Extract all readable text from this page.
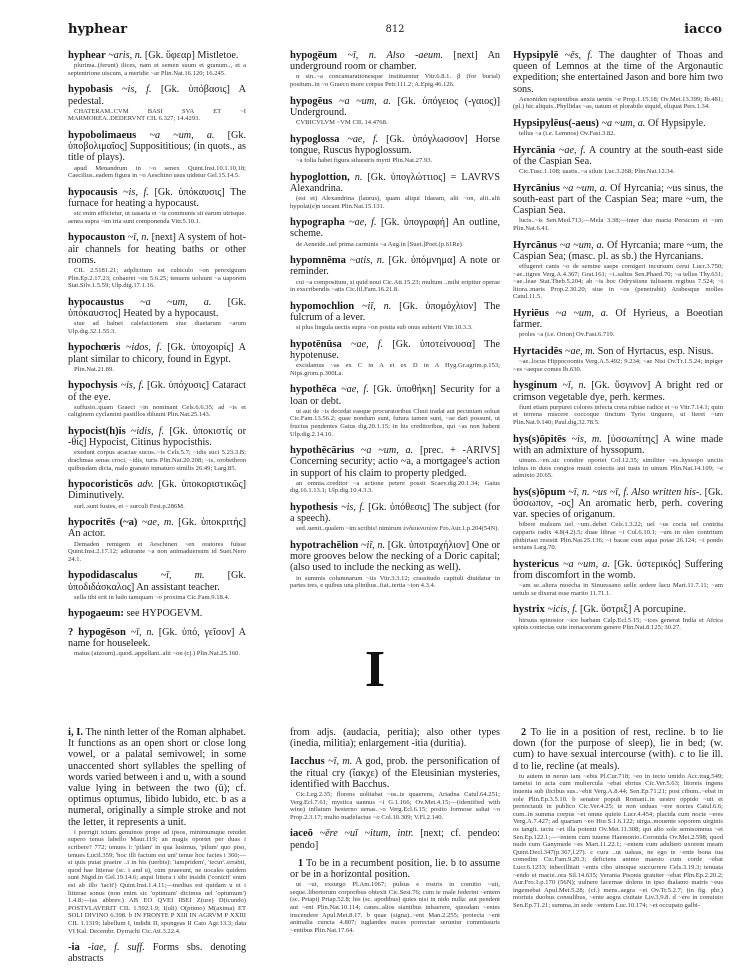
hyphear	812	iacco
hyphear ~aris, n. [Gk. ὕφεαρ] Mistletoe.
plurima..(ferunt) ilices, nam et semen suum et granum.., et a septentrione uiscum, a meridie ~ar Plin.Nat.16.120; 16.245.
hypobasis ~is, f. [Gk. ὑπόβασις] A pedestal.
CHATERAM..CVM BASI SVA ET ~I MARMOREA..DEDERVNT CIL 6.327; 14.4293.
hypobolimaeus ~a ~um, a. [Gk. ὑποβολιμαῖος] Supposititious; (in quots., as title of plays).
apud Menandrum in ~o senex Quint.Inst.10.1.10,18; Caecilius..eadem figura in ~o Aeschino usus uidetur Gel.15.14.5.
hypocausis ~is, f. [Gk. ὑπόκαυσις] The furnace for heating a hypocaust.
sic enim efficietur, ut uasaria et ~is communis sit earum utrisque. aenea supra ~im tria sunt componenda Vitr.5.10.1.
hypocauston ~ī, n. [next] A system of hot-air channels for heating baths or other rooms.
CIL 2.5181.21; adplicitum est cubiculo ~on perexiguum Plin.Ep.2.17.23; cohaeret ~on 5.6.25; tenuem uoluunt ~a uaporem Stat.Silv.1.5.59; Ulp.dig.17.1.16.
hypocaustus ~a ~um, a. [Gk. ὑπόκαυστος] Heated by a hypocaust.
siue ad balnei calefactionem siue diaetarum ~arum Ulp.dig.32.1.55.3.
hypochœris ~idos, f. [Gk. ὑποχοιρίς] A plant similar to chicory, found in Egypt.
Plin.Nat.21.89.
hypochysis ~is, f. [Gk. ὑπόχυσις] Cataract of the eye.
suffusio..quam Graeci ~in nominant Cels.6.6.35; ad ~is et caliginem cyclamini pastillos diluunt Plin.Nat.25.143.
hypocist(h)is ~idis, f. [Gk. ὑποκιστίς or -θίς] Hypocist, Citinus hypocisthis.
exedunt corpus acaciae sucus..~is Cels.5.7; ~idis suci 5.23.3.B; drachmas senas croci, ~idis, turis Plin.Nat.20.208; ~is, orobethron quibusdam dicta, malo granato inmaturo similis 26.49; Larg.85.
hypocoristicōs adv. [Gk. ὑποκοριστικῶς] Diminutively.
surl..sunt fustes, et ~ surculi Fest.p.286M.
hypocritēs (~a) ~ae, m. [Gk. ὑποκριτής] An actor.
Demaden remigem et Aeschinen ~en oratores fuisse Quint.Inst.2.17.12; adiurante ~a non animaduersum id Suet.Nero 24.1.
hypodidascalus ~ī, m. [Gk. ὑποδιδάσκαλος] An assistant teacher.
sella tibi erit in ludo tamquam ~o proxima Cic.Fam.9.18.4.
hypogaeum: see HYPOGEVM.
? hypogēson ~ī, n. [Gk. ὑπό, γεῖσον] A name for houseleek.
maius (aizoum)..quod..appellant..alii ~on (cj.) Plin.Nat.25.160.
hypogēum ~ī, n. Also -aeum. [next] An underground room or chamber.
α sin..~a concamarationesque instituentur Vitr.6.8.1. β (for burial) positum..in ~o Graeco more corpus Petr.111.2; A.Epig.46.126.
hypogēus ~a ~um, a. [Gk. ὑπόγειος (-γαιος)] Underground.
CVBICVLVM ~VM CIL 14.4768.
hypoglossa ~ae, f. [Gk. ὑπόγλωσσον] Horse tongue, Ruscus hypoglossum.
~a folia habet figura siluestris myrti Plin.Nat.27.93.
hypoglottion, n. [Gk. ὑπογλώττιος] = LAVRVS Alexandrina.
(est et) Alexandrina (laurus), quam aliqui Idaeam, alii ~on, alii..alii hypolat(e)n uocant Plin.Nat.15.131.
hypographa ~ae, f. [Gk. ὑπογραφή] An outline, scheme.
de Aeneide..uel prima carminis ~a Aug.in [Suet.]Poet.(p.61Re).
hypomnēma ~atis, n. [Gk. ὑπόμνημα] A note or reminder.
cui ~a compositum, si quid noui Cic.Att.15.23; multum ..mihi eripitur operae in exscribendis ~atis Cic.fil.Fam.16.21.8.
hypomochlion ~iī, n. [Gk. ὑπομόχλιον] The fulcrum of a lever.
si plus lingula uectis supra ~on posita sub onus subierit Vitr.10.3.3.
hypotēnūsa ~ae, f. [Gk. ὑποτείνουσα] The hypotenuse.
excidamus ~as ex C in A et ex D in A Hyg.Gr.agrim.p.153; Nips.grom.p.300La.
hypothēca ~ae, f. [Gk. ὑποθήκη] Security for a loan or debt.
ut aut de ~is decedat easque procuratoribus Cluui tradat aut pecuniam soluat Cic.Fam.13.56.2; quae nondum sunt, futura tamen sunt, ~ae dari possunt, ut fructus pendentes Gaius dig.20.1.15; in his creditoribus, qui ~as non habent Ulp.dig.2.14.10.
hypothēcārius ~a ~um, a. [prec. + -ARIVS] Concerning security; actio ~a, a mortgagee's action in support of his claim to property pledged.
an omnia..creditor ~a actione petere possit Scaev.dig.20.1.34; Gaius dig.16.1.13.1; Ulp.dig.10.4.3.3.
hypothesis ~is, f. [Gk. ὑπόθεσις] The subject (for a speech).
sed..uenit..qualem ~im scribis! nimirum ἐνδεικνυτέον Fro.Aur.1.p.204(54N).
hypotrachēlion ~iī, n. [Gk. ὑποτραχήλιον] One or more grooves below the necking of a Doric capital; (also used to include the necking as well).
in summis columnarum ~iis Vitr.3.3.12; crassitudo capituli diuidatur in partes tres, e quibus una plinthus..fiat..tertia ~ion 4.3.4.
Hypsipylē ~ēs, f. The daughter of Thoas and queen of Lemnos at the time of the Argonautic expedition; she entertained Jason and bore him two sons.
Aesoniden rapientibus anxia uentis ~e Prop.1.15.18; Ov.Met.13.399; Ib.481; (pl.) hic aliquis..Phyllidas ~as, uatum et plorabile siquid, eliquat Pers.1.34.
Hypsipylēus(-aeus) ~a ~um, a. Of Hypsipyle.
tellus ~a (i.e. Lemnos) Ov.Fast.3.82.
Hyrcānia ~ae, f. A country at the south-east side of the Caspian Sea.
Cic.Tusc.1.108; uastis..~a siluis Luc.3.268; Plin.Nat.12.34.
Hyrcānius ~a ~um, a. Of Hyrcania; ~us sinus, the south-east part of the Caspian Sea; mare ~um, the Caspian Sea.
lucis..~is Sen.Med.713;—Mela 3.38;—inter duo maria Persicum et ~um Plin.Nat.6.41.
Hyrcānus ~a ~um, a. Of Hyrcania; mare ~um, the Caspian Sea; (masc. pl. as sb.) the Hyrcanians.
effugeret canis ~o de semine saepe cornigeri incursum cerui Lucr.3.750; ~ae..tigres Verg.A.4.367; Grat.161; ~i..saltus Sen.Phaed.70; ~a tellus Thy.631; ~ae..leae Stat.Theb.5.204; ab ~is hoc Odrysiisne tulissem regibus 7.524; ~i litora..maris Prop.2.30.20; siue in ~os (penetrabit) Arabesque molles Catul.11.5.
Hyriēus ~a ~um, a. Of Hyrieus, a Boeotian farmer.
proles ~a (i.e. Orion) Ov.Fast.6.719.
Hyrtacidēs ~ae, m. Son of Hyrtacus, esp. Nisus.
~ae..locus Hippocoontis Verg.A.5.492; 9.234; ~ae Nisi Ov.Tr.1.5.24; inpiger ~es ~aeque comes Ib.630.
hysginum ~ī, n. [Gk. ὕσγινον] A bright red or crimson vegetable dye, perh. kermes.
fiunt etiam purpurei colores infecta creta rubiae radice et ~o Vitr.7.14.1; quin et terrena miscere coccoque tinctum Tyrio tinguere, ut fieret ~um Plin.Nat.9.140; Paul.dig.32.78.5.
hys(s)ōpitēs ~is, m. [ὑσσωπίτης] A wine made with an admixture of hyssopum.
uinum..~en..sic condire oportet Col.12.35; similiter ~es..hyssopo unciis tribus in duos congios musti coiectis aut tusis in uinum Plin.Nat.14.109; ~e admixto 20.65.
hys(s)ōpum ~ī, n. ~us ~ī, f. Also written his-. [Gk. ὕσσωπον, -ος] An aromatic herb, perh. covering var. species of origanum.
bibere mulsum uel ~um..debet Cels.1.3.22; uel ~us cocta uel contrita capparis radix 4.8(4.2).5; duae librae ~i Col.6.10.1; ~um in oleo contritum phthiriasi resistit Plin.Nat.25.136; ~i bacae cum aqua potae 26.124; ~i pondo sextans Larg.70.
hystericus ~a ~um, a. [Gk. ὑστερικός] Suffering from discomfort in the womb.
~am se..altera moecha in Sinuessano uelle sedere lacu Mart.11.7.11; ~am uetulo se dixerat esse marito 11.71.1.
hystrix ~icis, f. [Gk. ὕστριξ] A porcupine.
hirsuta spinosior ~ice barbam Calp.Ecl.5.15; ~ices generat India et Africa spinis contectas cute irenaceorum genere Plin.Nat.8.125; 30.27.
I
i, I. The ninth letter of the Roman alphabet. It functions as an open short or close long vowel, or a palatal semivowel; in some unaccented short syllables the spelling of words varied between i and u, with a sound value lying in between the two (ü); cf. optimus optumus, libido lubido, etc. b as a numeral, originally a simple stroke and not the letter, it represents a unit.
i porrigit ictum genuinos prope ad ipsos, minimumque renidet supero tenus labello Maur.119; an magis oportet per duas i scribere? 772; tenues i: 'pilam' in qua lusimus, 'pilum' quo piso, tenues Lucil.359; 'hoc illi factum est uni' tenue hoc facies i 360;—si quis putat praeire ..i in his (uerbis): 'iampridem', 'iecur'..errabit, quod hae litterae (sc. i and u), cum praeeunt, ne uocales quidem sunt Nigid.in Gel.19.14.6; atqui littera i sibi insidit ('conicit' enim est ab illo 'iacit') Quint.Inst.1.4.11;—medius est quidam u et i litterae sonus (non enim sic 'optimum' dicimus uel 'optumum') 1.4.8;—(as abbrev.) AB EO QVEI IBEI Z(ure) D(icundo) POSTVLAVERIT CIL 1.592.1.9; I(uli) O(ptimo) M(axima) ET SOLI DIVINO 6.398. b IN FRONTE P XIII IN AGRVM P XXIII CIL 1.1319; labellum I, indidit II, spongeas II Cato Agr.13.3; data VI Kal. Decembr. Dyrrachi Cic.Att.3.22.4.
-ia -iae, f. suff. Forms sbs. denoting abstracts
from adjs. (audacia, peritia); also other types (inedia, militia); enlargement -itia (duritia).
Iacchus ~ī, m. A god, prob. the personification of the ritual cry (ἴακχε) of the Eleusinian mysteries, identified with Bacchus.
Cic.Leg.2.35; florens uolitabat ~us..te quaerens, Ariadna Catul.64.251; Verg.Ecl.7.61; mystica uannus ~i G.1.166; Ov.Met.4.15;—(identified with wine) inflatum hesterno uenas..~o Verg.Ecl.6.15; posito formose saltat ~o Prop.2.3.17; multo madefactus ~o Col.10.309; V.Fl.2.140.
iaceō ~ēre ~uī ~itum, intr. [next; cf. pendeo: pendo]
1 To be in a recumbent position, lie. b to assume or be in a horizontal position.
ut ~ui, exsurgo Pl.Am.1067; pulsus e rostris in comitio ~uit, seque..libertorum corporibus obtexit Cic.Sest.76; cum te male federint ~entem (sc. Priapi) Priap.52.8; his (sc. apodibus) quies nisi in nido nulla: aut pendent aut ~ent Plin.Nat.10.114; canes..alios stantibus inhaerere, quosdam ~entes inscendere Apul.Met.8.17. b quae (signa)..~ent Man.2.255; proiecta ~ent animalia cuncta 4.807; iuglandes nuces porrectae seruntur commissuris ~entibus Plin.Nat.17.64.
2 To lie in a position of rest, recline. b to lie down (for the purpose of sleep), lie in bed; (w. cum) to have sexual intercourse (with). c to lie ill. d to lie, recline (at meals).
tu autem in neruo iam ~ebis Pl.Cur.718; ~eo in tecto umido Acc.trag.549; tametsi in acta cum muliercula ~ebat ebrius Cic.Ver.5.63; litoreis ingens inuenta sub ilicibus sus..~ebit Verg.A.8.44; Sen.Ep.71.21; post cibum..~ebat in sole Plin.Ep.3.5.10. b senator populi Romani..in uestro oppido ~uit et pernoctauit in publico Cic.Ver.4.25; te non uiduas ~ere noctes Catul.6.6; cum..in summa corpus ~et omne quiete Lucr.4.454; placida cum nocte ~eres Verg.A.7.427; ad quartam ~eo Hor.S.1.6.122; uirga..mouente soporem uirginis os tangit. tactu ~et illa potenti Ov.Met.11.308; qui alto sole semisomnus ~et Sen.Ep.122.1;—~entem cum iuuene Haemonio..Coronida Ov.Met.2.598; quod nudo cum Ganymede ~es Mart.11.22.1; ~entem cum adultero uxorem meam Quint.Decl.347(p.367,l.27). c cura ..ut ualeas, ne ego te ~ente bona tua comedim Cic.Fam.9.20.3; deficiens animo maesto cum corde ~ebat Lucr.6.1233; inbecillitati ~entis cibo uinoque succurrere Cels.3.19.3; tenuata ~endo et macie..ora Sil.14.635; Verania Pisonis grauiter ~ebat Plin.Ep.2.20.2; Aur.Fro.1.p.170 (56N); uulnere lacernae dolens in ipso thalamo matris ~eus ingemebat Apul.Met.5.28; (cf.) mens..aegra ~et Ov.Tr.5.2.7; (in fig. phr.) mortuis duobus consulibus, ~ente aegra ciuitate Liv.3.9.8. d ~ere in conuiuio Sen.Ep.71.21; summa..in sede ~entem Luc.10.174; ~et occupato galbi-
